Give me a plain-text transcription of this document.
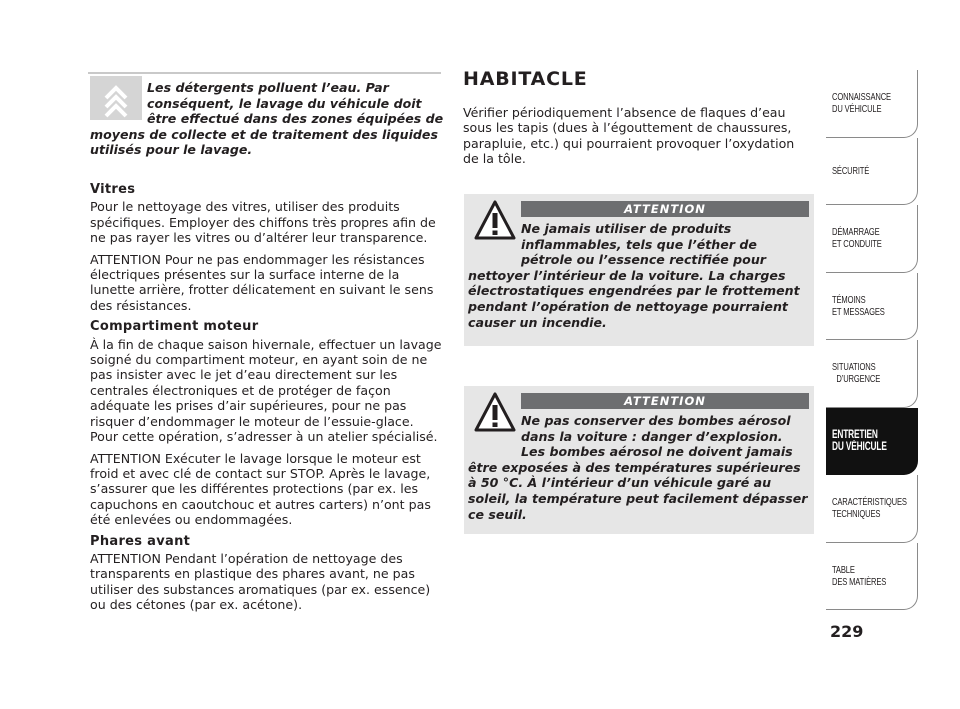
Les détergents polluent l’eau. Par conséquent, le lavage du véhicule doit être effectué dans des zones équipées de moyens de collecte et de traitement des liquides utilisés pour le lavage.
Vitres

Pour le nettoyage des vitres, utiliser des produits spécifiques. Employer des chiffons très propres afin de ne pas rayer les vitres ou d’altérer leur transparence.

ATTENTION Pour ne pas endommager les résistances électriques présentes sur la surface interne de la lunette arrière, frotter délicatement en suivant le sens des résistances.

Compartiment moteur

À la fin de chaque saison hivernale, effectuer un lavage soigné du compartiment moteur, en ayant soin de ne pas insister avec le jet d’eau directement sur les centrales électroniques et de protéger de façon adéquate les prises d’air supérieures, pour ne pas risquer d’endommager le moteur de l’essuie-glace. Pour cette opération, s’adresser à un atelier spécialisé.

ATTENTION Exécuter le lavage lorsque le moteur est froid et avec clé de contact sur STOP. Après le lavage, s’assurer que les différentes protections (par ex. les capuchons en caoutchouc et autres carters) n’ont pas été enlevées ou endommagées.

Phares avant

ATTENTION Pendant l’opération de nettoyage des transparents en plastique des phares avant, ne pas utiliser des substances aromatiques (par ex. essence) ou des cétones (par ex. acétone).

HABITACLE
Vérifier périodiquement l’absence de flaques d’eau sous les tapis (dues à l’égouttement de chaussures, parapluie, etc.) qui pourraient provoquer l’oxydation de la tôle.
ATTENTION
Ne jamais utiliser de produits inflammables, tels que l’éther de pétrole ou l’essence rectifiée pour nettoyer l’intérieur de la voiture. La charges électrostatiques engendrées par le frottement pendant l’opération de nettoyage pourraient causer un incendie.
ATTENTION
Ne pas conserver des bombes aérosol dans la voiture : danger d’explosion. Les bombes aérosol ne doivent jamais être exposées à des températures supérieures à 50 °C. À l’intérieur d’un véhicule garé au soleil, la température peut facilement dépasser ce seuil.
CONNAISSANCE
DU VÉHICULE
SÉCURITÉ
DÉMARRAGE
ET CONDUITE
TÉMOINS
ET MESSAGES
SITUATIONS
D’URGENCE
ENTRETIEN
DU VÉHICULE
CARACTÉRISTIQUES
TECHNIQUES
TABLE
DES MATIÈRES
229
